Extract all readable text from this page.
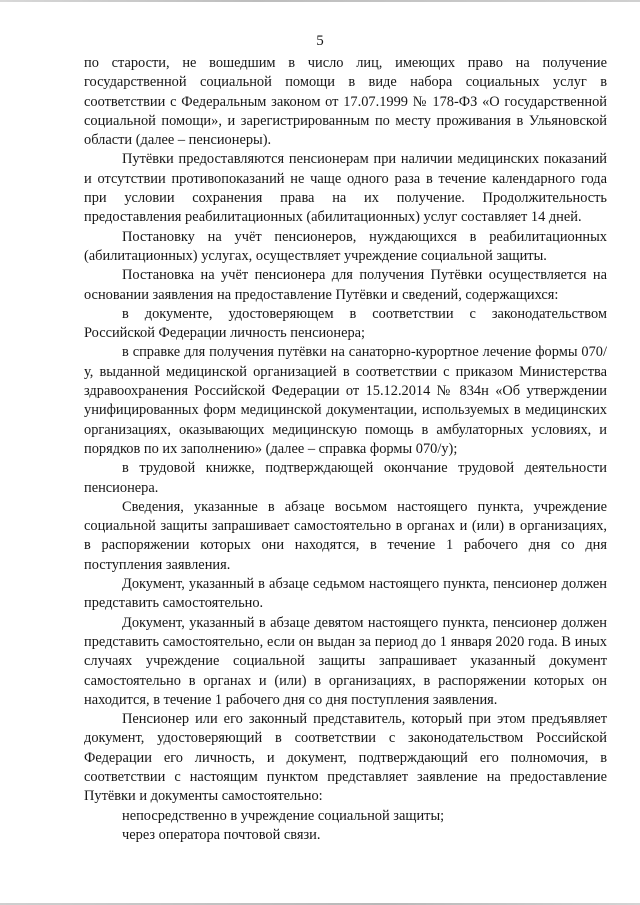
5

по старости, не вошедшим в число лиц, имеющих право на получение государственной социальной помощи в виде набора социальных услуг в соответствии с Федеральным законом от 17.07.1999 № 178-ФЗ «О государственной социальной помощи», и зарегистрированным по месту проживания в Ульяновской области (далее – пенсионеры).

Путёвки предоставляются пенсионерам при наличии медицинских показаний и отсутствии противопоказаний не чаще одного раза в течение календарного года при условии сохранения права на их получение. Продолжительность предоставления реабилитационных (абилитационных) услуг составляет 14 дней.

Постановку на учёт пенсионеров, нуждающихся в реабилитационных (абилитационных) услугах, осуществляет учреждение социальной защиты.

Постановка на учёт пенсионера для получения Путёвки осуществляется на основании заявления на предоставление Путёвки и сведений, содержащихся:

в документе, удостоверяющем в соответствии с законодательством Российской Федерации личность пенсионера;

в справке для получения путёвки на санаторно-курортное лечение формы 070/у, выданной медицинской организацией в соответствии с приказом Министерства здравоохранения Российской Федерации от 15.12.2014 № 834н «Об утверждении унифицированных форм медицинской документации, используемых в медицинских организациях, оказывающих медицинскую помощь в амбулаторных условиях, и порядков по их заполнению» (далее – справка формы 070/у);

в трудовой книжке, подтверждающей окончание трудовой деятельности пенсионера.

Сведения, указанные в абзаце восьмом настоящего пункта, учреждение социальной защиты запрашивает самостоятельно в органах и (или) в организациях, в распоряжении которых они находятся, в течение 1 рабочего дня со дня поступления заявления.

Документ, указанный в абзаце седьмом настоящего пункта, пенсионер должен представить самостоятельно.

Документ, указанный в абзаце девятом настоящего пункта, пенсионер должен представить самостоятельно, если он выдан за период до 1 января 2020 года. В иных случаях учреждение социальной защиты запрашивает указанный документ самостоятельно в органах и (или) в организациях, в распоряжении которых он находится, в течение 1 рабочего дня со дня поступления заявления.

Пенсионер или его законный представитель, который при этом предъявляет документ, удостоверяющий в соответствии с законодательством Российской Федерации его личность, и документ, подтверждающий его полномочия, в соответствии с настоящим пунктом представляет заявление на предоставление Путёвки и документы самостоятельно:

непосредственно в учреждение социальной защиты;

через оператора почтовой связи.
